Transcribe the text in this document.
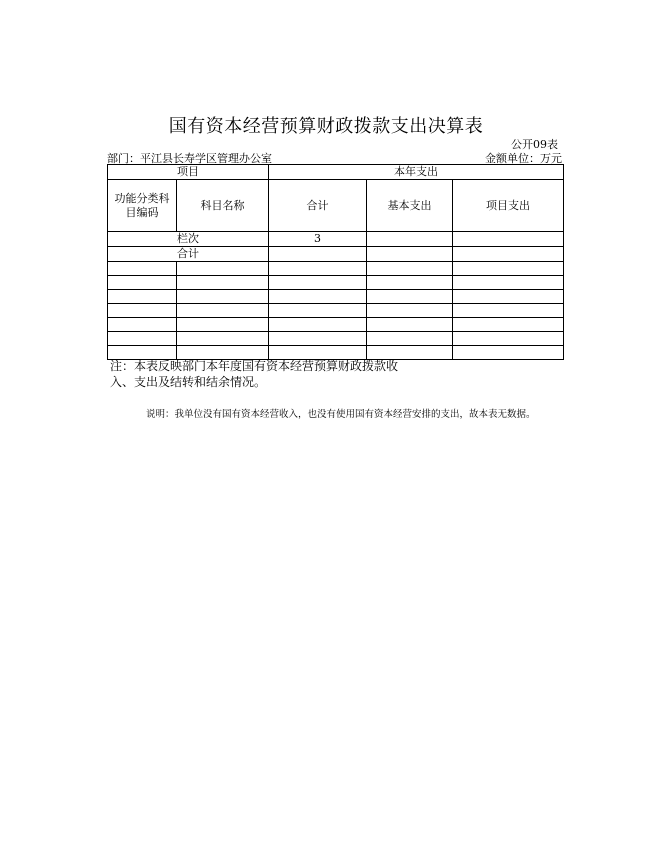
国有资本经营预算财政拨款支出决算表
公开09表
部门：平江县长寿学区管理办公室	金额单位：万元
项目		本年支出		
功能分类科目编码	科目名称	合计	基本支出	项目支出
栏次		3		
合计				

注：本表反映部门本年度国有资本经营预算财政拨款收入、支出及结转和结余情况。
说明：我单位没有国有资本经营收入，也没有使用国有资本经营安排的支出，故本表无数据。
